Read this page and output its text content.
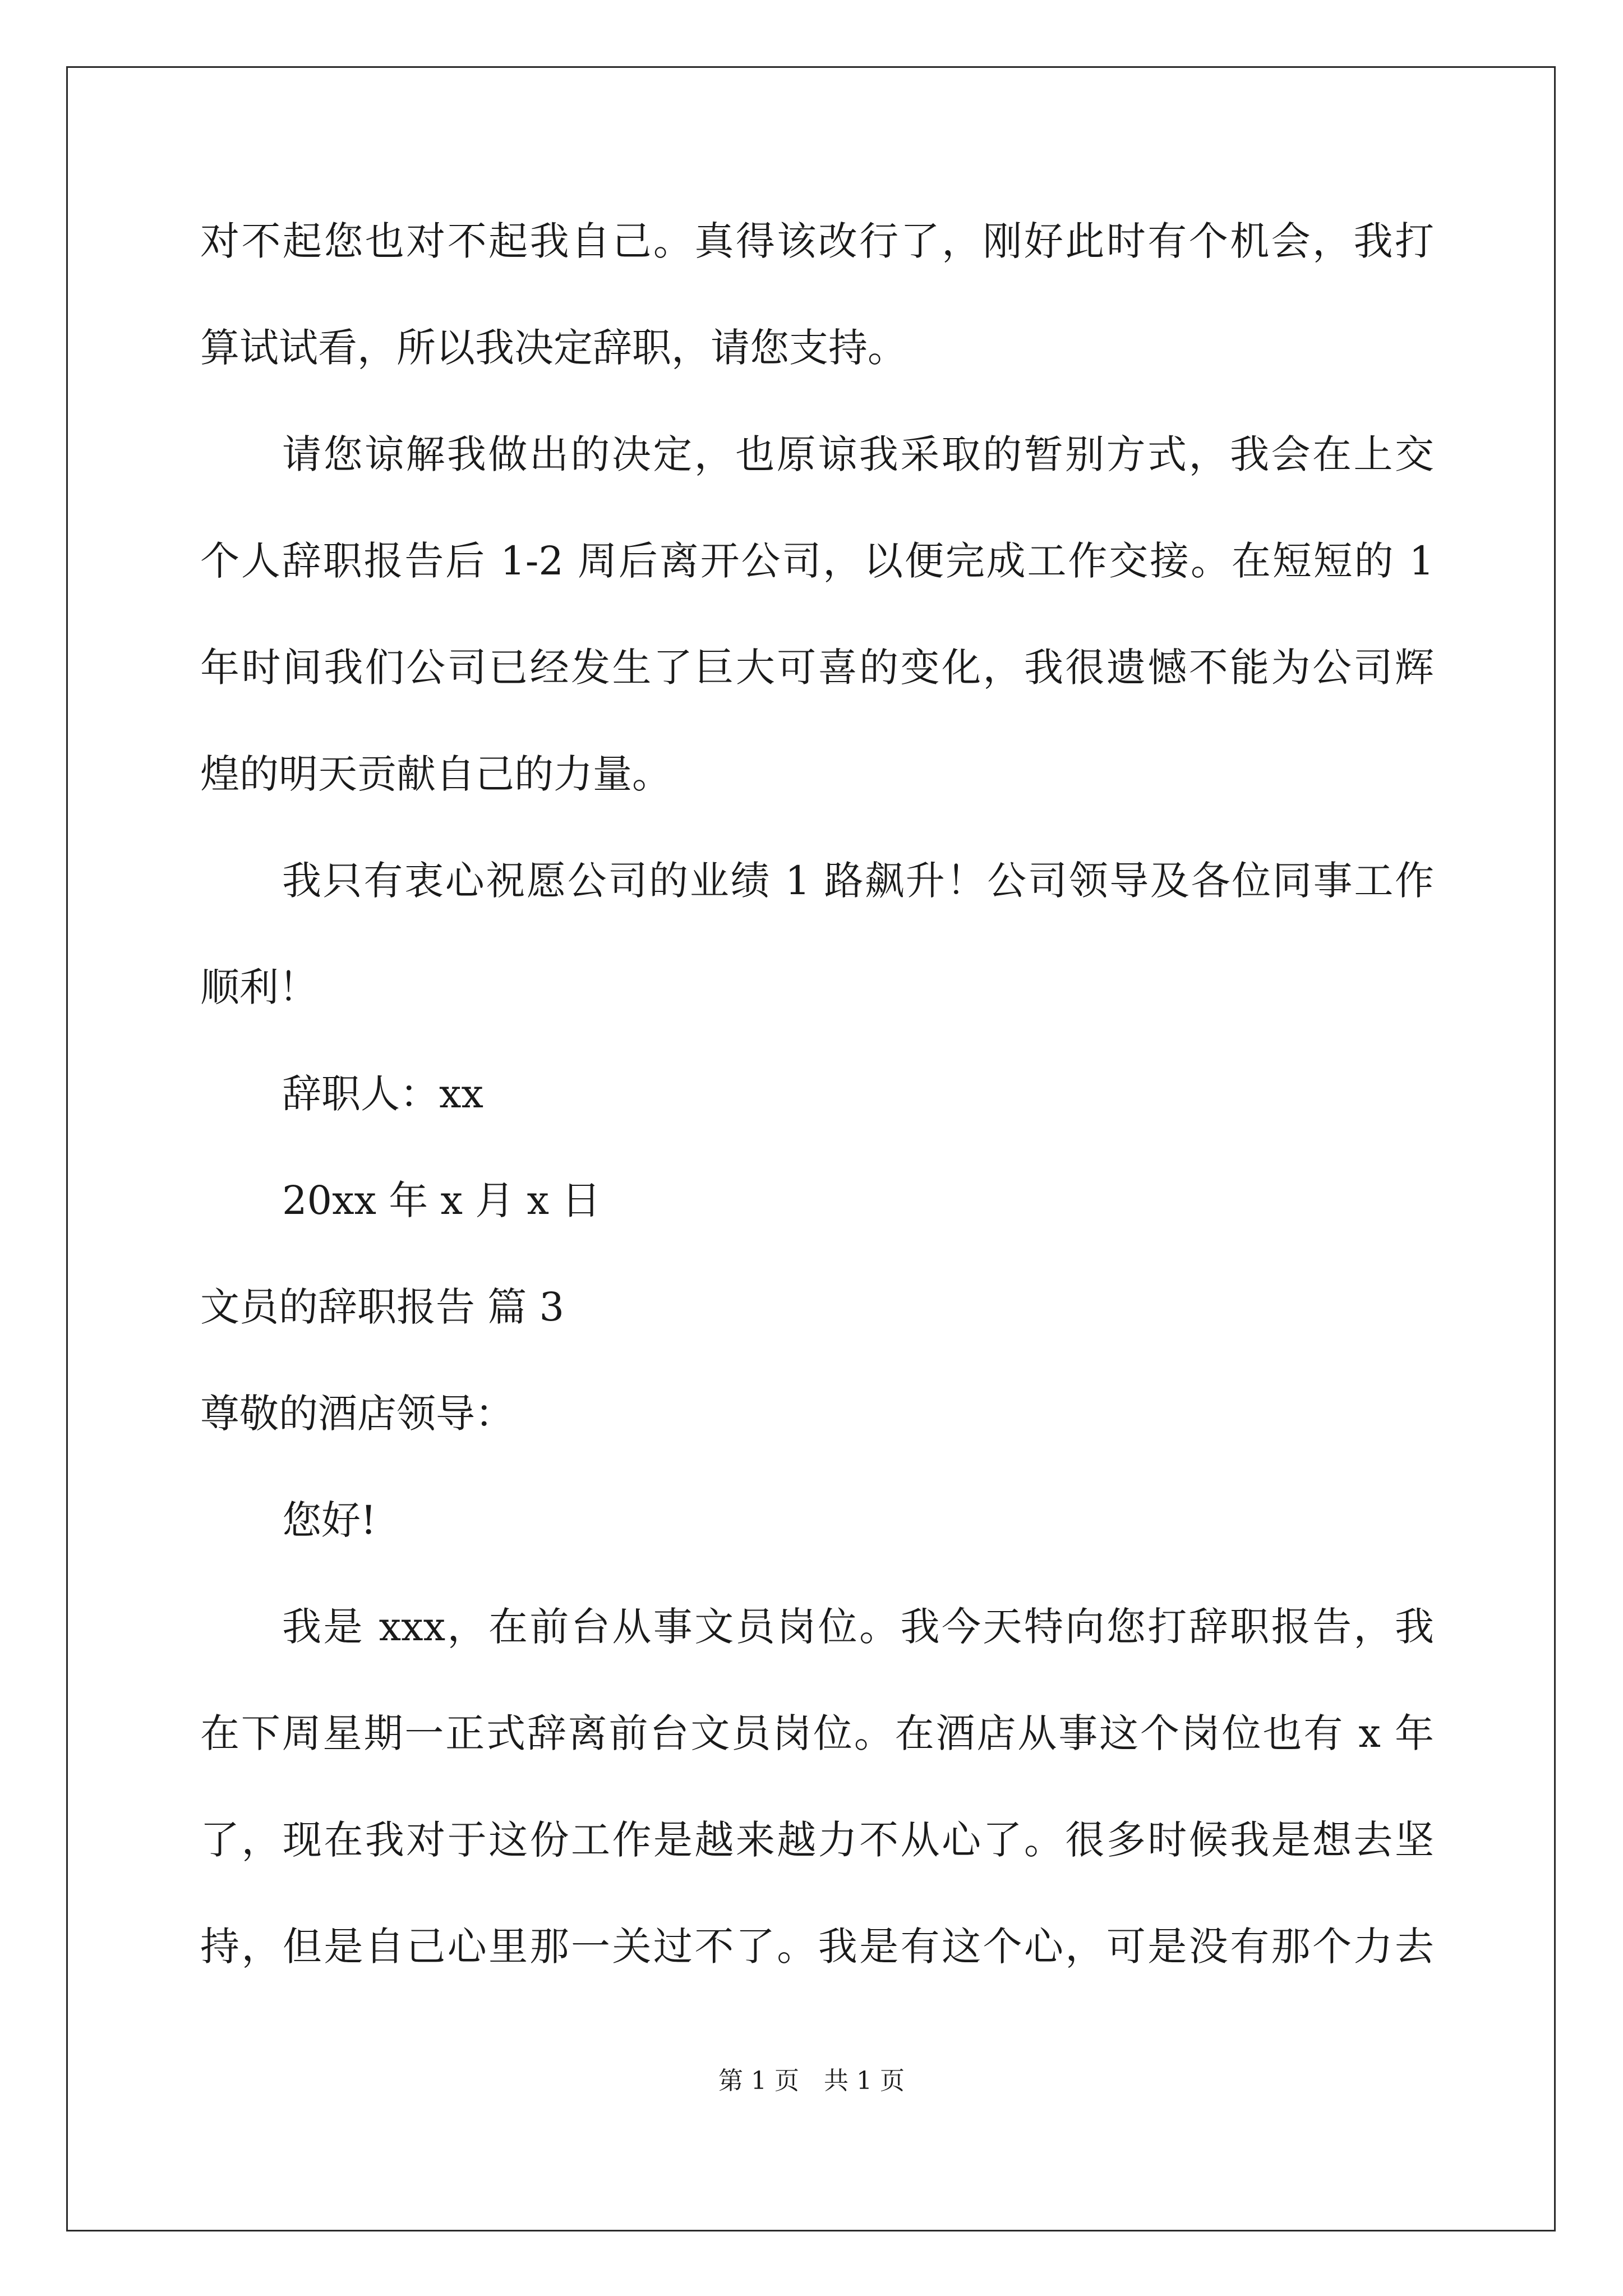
对不起您也对不起我自己。真得该改行了，刚好此时有个机会，我打
算试试看，所以我决定辞职，请您支持。
请您谅解我做出的决定，也原谅我采取的暂别方式，我会在上交
个人辞职报告后 1-2 周后离开公司，以便完成工作交接。在短短的 1
年时间我们公司已经发生了巨大可喜的变化，我很遗憾不能为公司辉
煌的明天贡献自己的力量。
我只有衷心祝愿公司的业绩 1 路飙升！公司领导及各位同事工作
顺利！
辞职人：xx
20xx 年 x 月 x 日
文员的辞职报告 篇 3
尊敬的酒店领导：
您好!
我是 xxx，在前台从事文员岗位。我今天特向您打辞职报告，我
在下周星期一正式辞离前台文员岗位。在酒店从事这个岗位也有 x 年
了，现在我对于这份工作是越来越力不从心了。很多时候我是想去坚
持，但是自己心里那一关过不了。我是有这个心，可是没有那个力去
第 1 页　共 1 页
